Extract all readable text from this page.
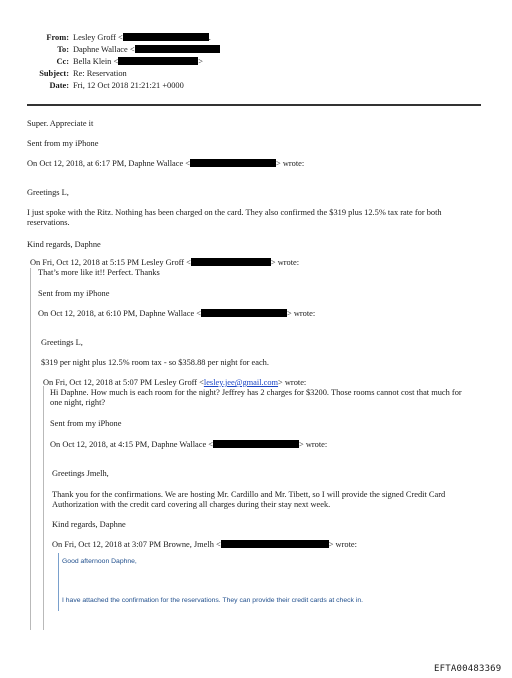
From: Lesley Groff <	.
To: Daphne Wallace <
Cc: Bella Klein <	>
Subject: Re: Reservation
Date: Fri, 12 Oct 2018 21:21:21 +0000
Super. Appreciate it
Sent from my iPhone
On Oct 12, 2018, at 6:17 PM, Daphne Wallace <	> wrote:
Greetings L,
I just spoke with the Ritz. Nothing has been charged on the card. They also confirmed the $319 plus 12.5% tax rate for both reservations.
Kind regards, Daphne
On Fri, Oct 12, 2018 at 5:15 PM Lesley Groff <	> wrote:
That’s more like it!! Perfect. Thanks
Sent from my iPhone
On Oct 12, 2018, at 6:10 PM, Daphne Wallace <	> wrote:
Greetings L,
$319 per night plus 12.5% room tax - so $358.88 per night for each.
On Fri, Oct 12, 2018 at 5:07 PM Lesley Groff <lesley.jee@gmail.com> wrote:
Hi Daphne. How much is each room for the night? Jeffrey has 2 charges for $3200. Those rooms cannot cost that much for one night, right?
Sent from my iPhone
On Oct 12, 2018, at 4:15 PM, Daphne Wallace <	> wrote:
Greetings Jmelh,
Thank you for the confirmations. We are hosting Mr. Cardillo and Mr. Tibett, so I will provide the signed Credit Card Authorization with the credit card covering all charges during their stay next week.
Kind regards, Daphne
On Fri, Oct 12, 2018 at 3:07 PM Browne, Jmelh <	> wrote:
Good afternoon Daphne,
I have attached the confirmation for the reservations. They can provide their credit cards at check in.
EFTA00483369
